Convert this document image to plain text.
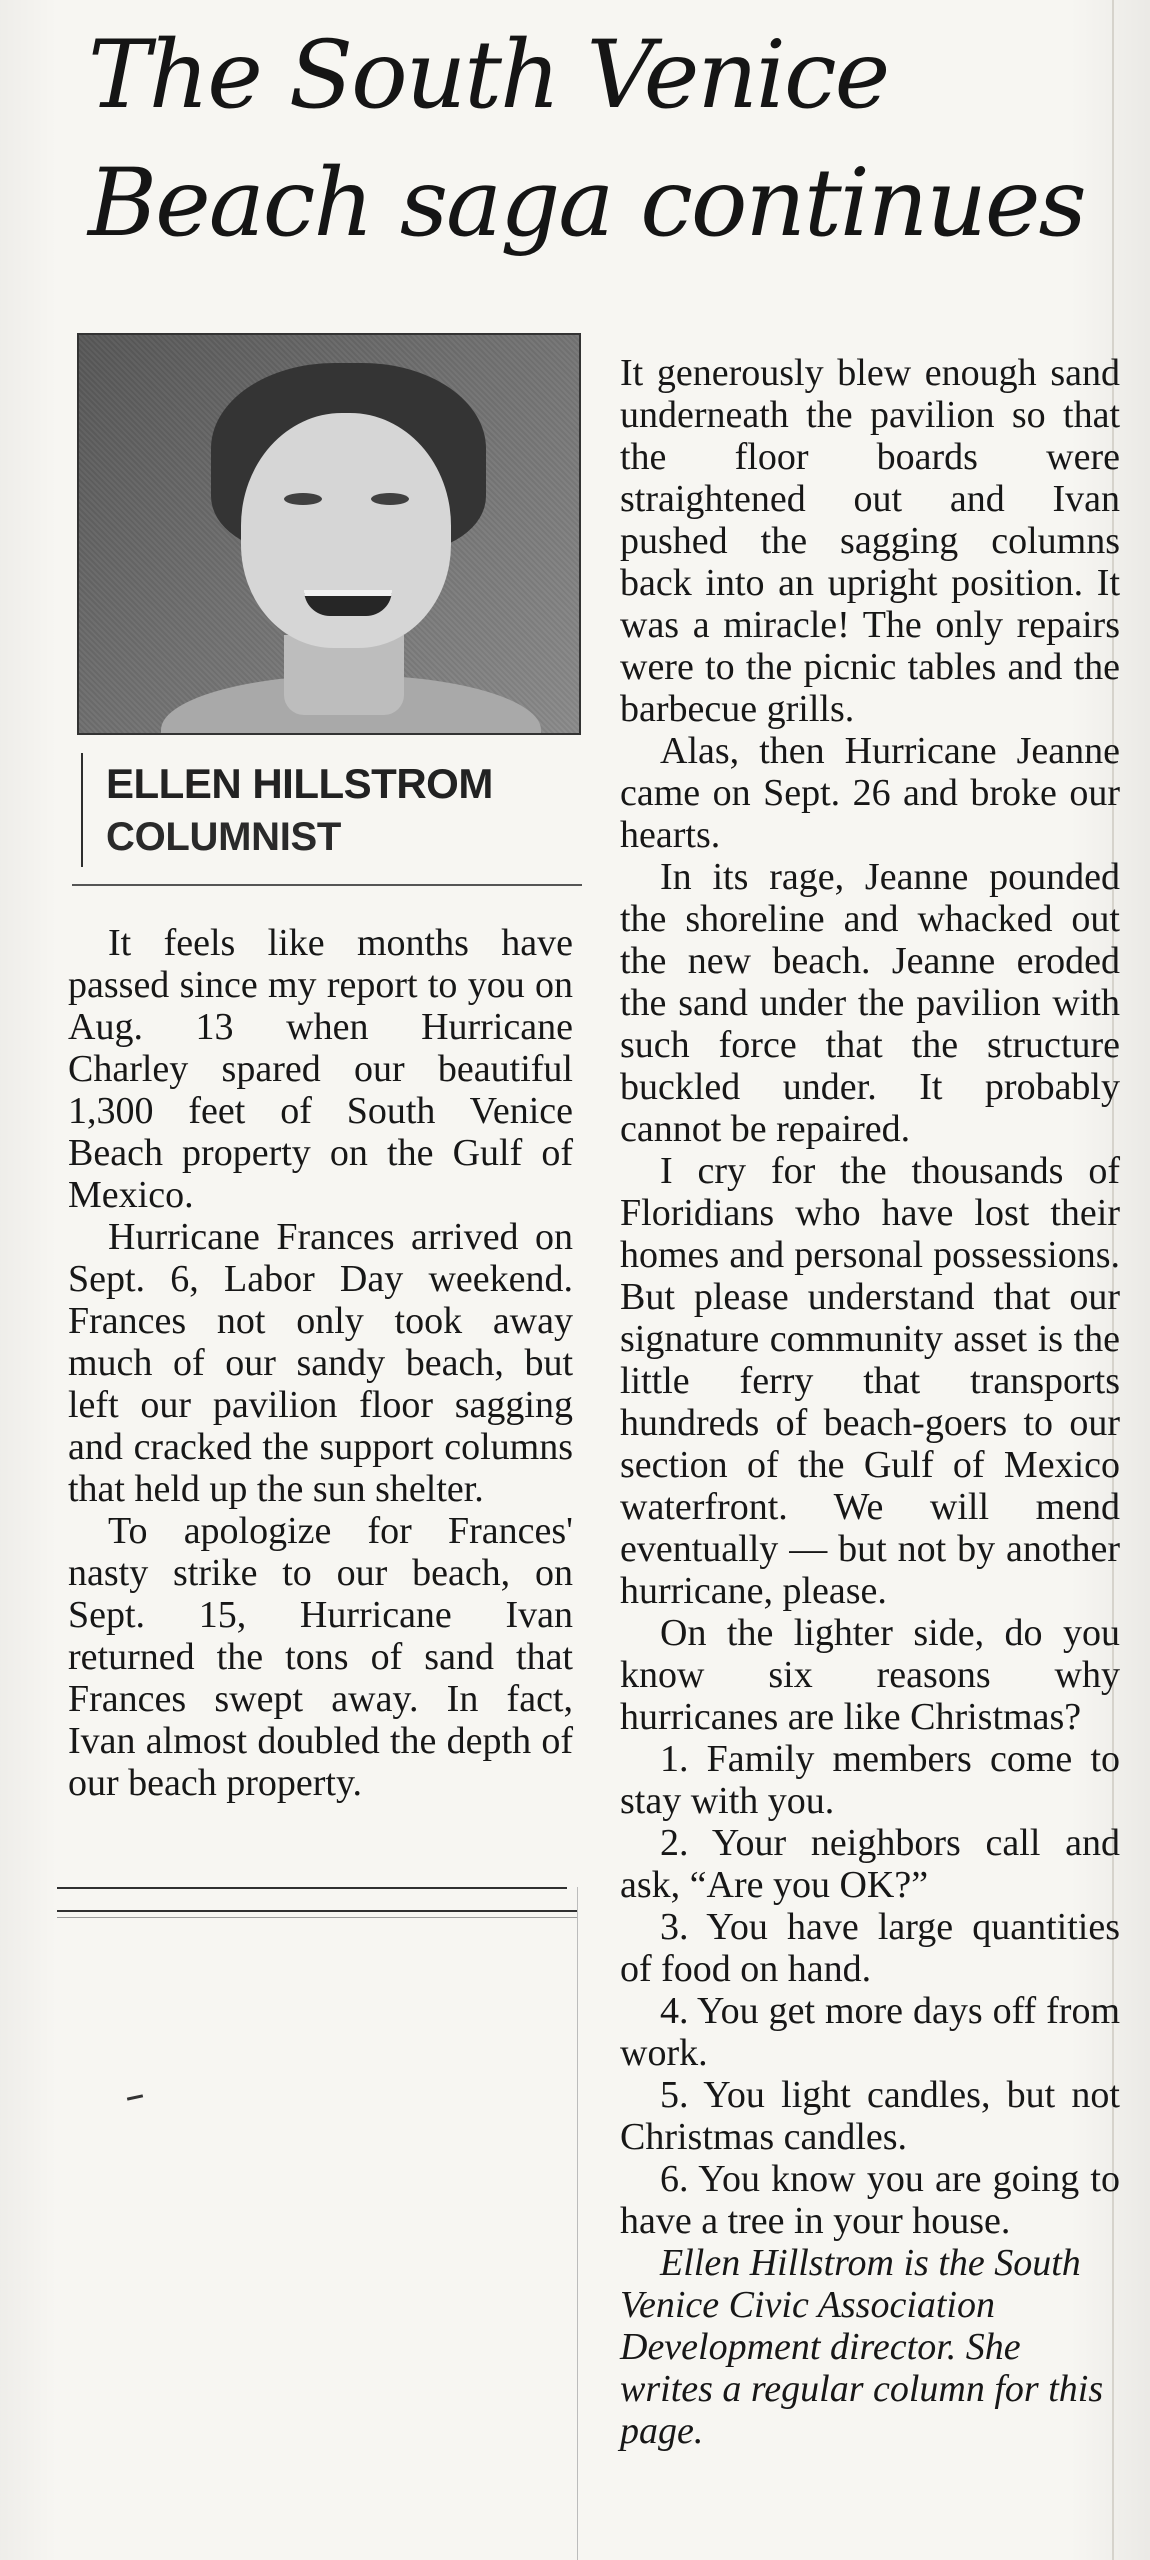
The South Venice
Beach saga continues
ELLEN HILLSTROM
COLUMNIST

It feels like months have passed since my report to you on Aug. 13 when Hurricane Charley spared our beautiful 1,300 feet of South Venice Beach property on the Gulf of Mexico.

Hurricane Frances arrived on Sept. 6, Labor Day weekend. Frances not only took away much of our sandy beach, but left our pavilion floor sagging and cracked the support columns that held up the sun shelter.

To apologize for Frances' nasty strike to our beach, on Sept. 15, Hurricane Ivan returned the tons of sand that Frances swept away. In fact, Ivan almost doubled the depth of our beach property.

It generously blew enough sand underneath the pavilion so that the floor boards were straightened out and Ivan pushed the sagging columns back into an upright position. It was a miracle! The only repairs were to the picnic tables and the barbecue grills.

Alas, then Hurricane Jeanne came on Sept. 26 and broke our hearts.

In its rage, Jeanne pounded the shoreline and whacked out the new beach. Jeanne eroded the sand under the pavilion with such force that the structure buckled under. It probably cannot be repaired.

I cry for the thousands of Floridians who have lost their homes and personal possessions. But please understand that our signature community asset is the little ferry that transports hundreds of beach-goers to our section of the Gulf of Mexico waterfront. We will mend eventually — but not by another hurricane, please.

On the lighter side, do you know six reasons why hurricanes are like Christmas?

1. Family members come to stay with you.

2. Your neighbors call and ask, “Are you OK?”

3. You have large quantities of food on hand.

4. You get more days off from work.

5. You light candles, but not Christmas candles.

6. You know you are going to have a tree in your house.

Ellen Hillstrom is the South Venice Civic Association Development director. She writes a regular column for this page.
